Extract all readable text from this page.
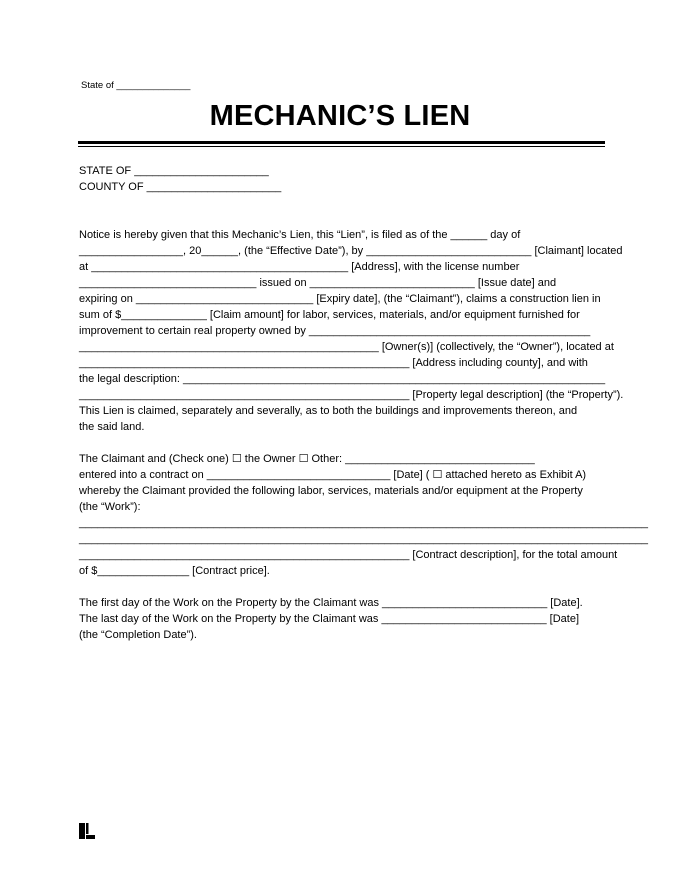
State of ______________
MECHANIC’S LIEN
STATE OF ______________________
COUNTY OF ______________________
Notice is hereby given that this Mechanic’s Lien, this “Lien”, is filed as of the ______ day of
_________________, 20______, (the “Effective Date”), by ___________________________ [Claimant] located
at __________________________________________ [Address], with the license number
_____________________________ issued on ___________________________ [Issue date] and
expiring on _____________________________ [Expiry date], (the “Claimant”), claims a construction lien in
sum of $______________ [Claim amount] for labor, services, materials, and/or equipment furnished for
improvement to certain real property owned by ______________________________________________
_________________________________________________ [Owner(s)] (collectively, the “Owner”), located at
______________________________________________________ [Address including county], and with
the legal description: _____________________________________________________________________
______________________________________________________ [Property legal description] (the “Property”).
This Lien is claimed, separately and severally, as to both the buildings and improvements thereon, and
the said land.
The Claimant and (Check one) ☐ the Owner ☐ Other: _______________________________
entered into a contract on ______________________________ [Date] ( ☐ attached hereto as Exhibit A)
whereby the Claimant provided the following labor, services, materials and/or equipment at the Property
(the “Work”):
_____________________________________________________________________________________________
_____________________________________________________________________________________________
______________________________________________________ [Contract description], for the total amount
of $_______________ [Contract price].
The first day of the Work on the Property by the Claimant was ___________________________ [Date].
The last day of the Work on the Property by the Claimant was ___________________________ [Date]
(the “Completion Date”).
